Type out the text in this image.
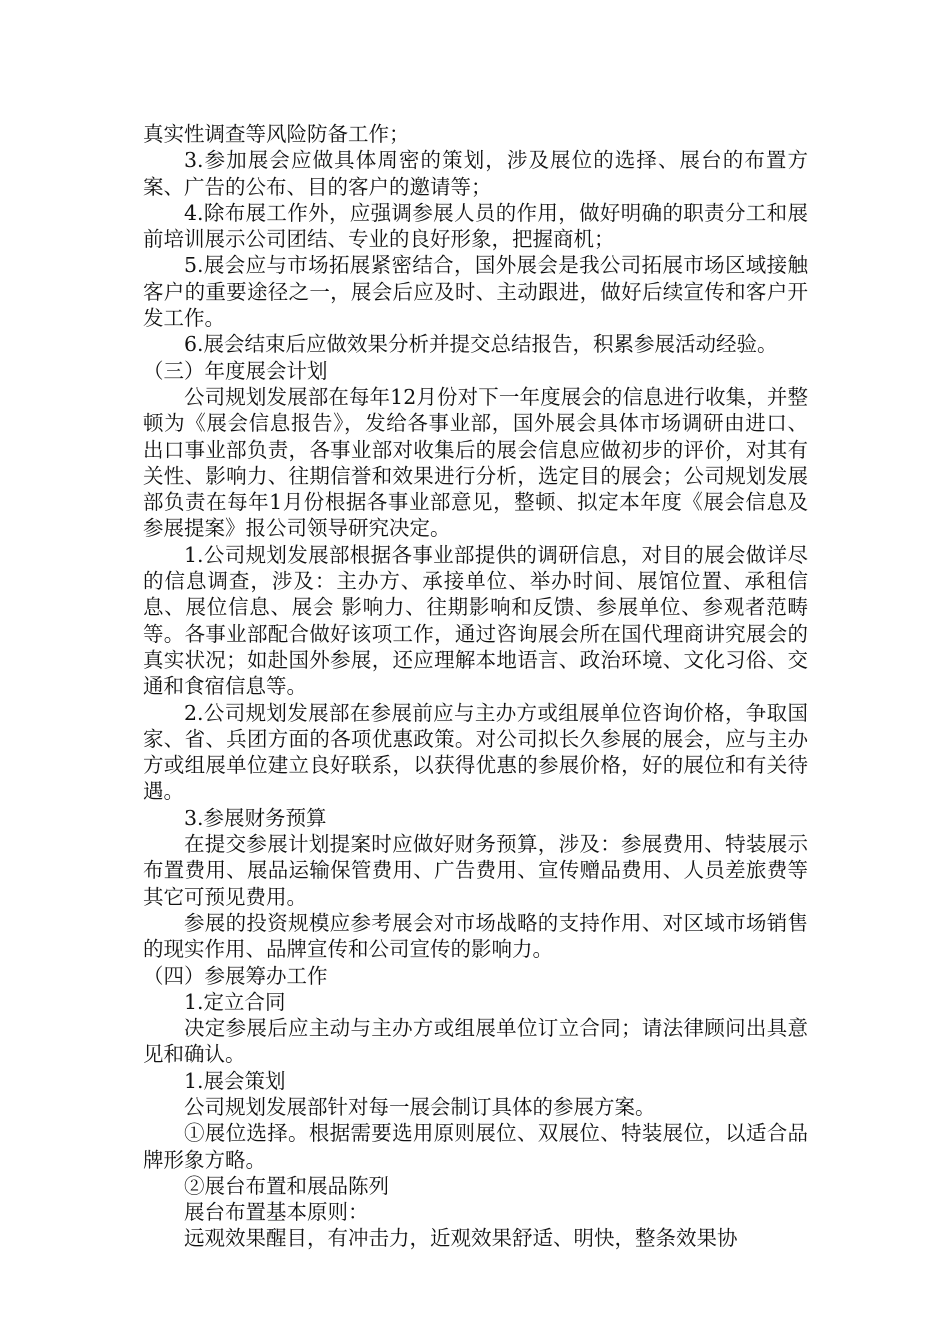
真实性调查等风险防备工作；

3.参加展会应做具体周密的策划，涉及展位的选择、展台的布置方案、广告的公布、目的客户的邀请等；

4.除布展工作外，应强调参展人员的作用，做好明确的职责分工和展前培训展示公司团结、专业的良好形象，把握商机；

5.展会应与市场拓展紧密结合，国外展会是我公司拓展市场区域接触客户的重要途径之一，展会后应及时、主动跟进，做好后续宣传和客户开发工作。

6.展会结束后应做效果分析并提交总结报告，积累参展活动经验。

（三）年度展会计划

公司规划发展部在每年12月份对下一年度展会的信息进行收集，并整顿为《展会信息报告》，发给各事业部，国外展会具体市场调研由进口、出口事业部负责，各事业部对收集后的展会信息应做初步的评价，对其有关性、影响力、往期信誉和效果进行分析，选定目的展会；公司规划发展部负责在每年1月份根据各事业部意见，整顿、拟定本年度《展会信息及参展提案》报公司领导研究决定。

1.公司规划发展部根据各事业部提供的调研信息，对目的展会做详尽的信息调查，涉及：主办方、承接单位、举办时间、展馆位置、承租信息、展位信息、展会 影响力、往期影响和反馈、参展单位、参观者范畴等。各事业部配合做好该项工作，通过咨询展会所在国代理商讲究展会的真实状况；如赴国外参展，还应理解本地语言、政治环境、文化习俗、交通和食宿信息等。

2.公司规划发展部在参展前应与主办方或组展单位咨询价格，争取国家、省、兵团方面的各项优惠政策。对公司拟长久参展的展会，应与主办方或组展单位建立良好联系，以获得优惠的参展价格，好的展位和有关待遇。

3.参展财务预算

在提交参展计划提案时应做好财务预算，涉及：参展费用、特装展示布置费用、展品运输保管费用、广告费用、宣传赠品费用、人员差旅费等其它可预见费用。

参展的投资规模应参考展会对市场战略的支持作用、对区域市场销售的现实作用、品牌宣传和公司宣传的影响力。

（四）参展筹办工作

1.定立合同

决定参展后应主动与主办方或组展单位订立合同；请法律顾问出具意见和确认。

1.展会策划

公司规划发展部针对每一展会制订具体的参展方案。

①展位选择。根据需要选用原则展位、双展位、特装展位，以适合品牌形象方略。

②展台布置和展品陈列

展台布置基本原则：

远观效果醒目，有冲击力，近观效果舒适、明快，整条效果协
